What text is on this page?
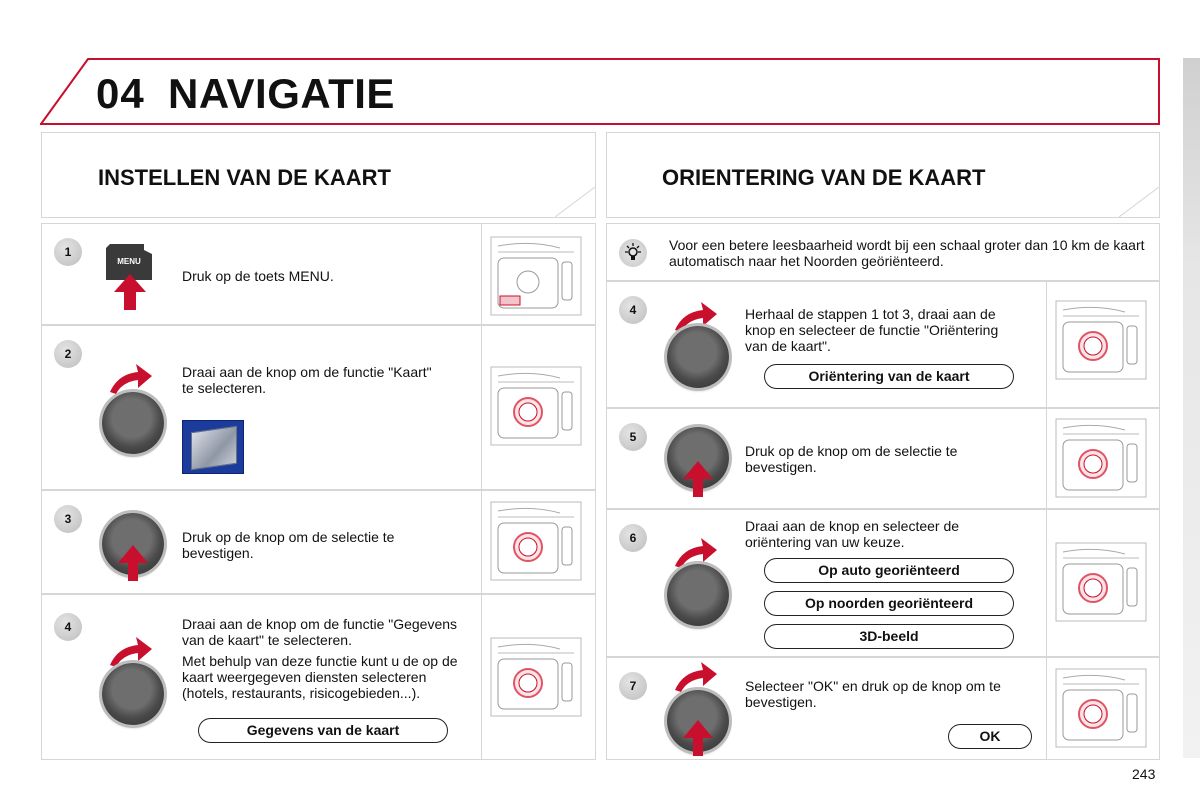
04 NAVIGATIE
INSTELLEN VAN DE KAART	ORIENTERING VAN DE KAART
1
MENU
Druk op de toets MENU.
2
Draai aan de knop om de functie "Kaart" te selecteren.
3
Druk op de knop om de selectie te bevestigen.
4	Draai aan de knop om de functie "Gegevens van de kaart" te selecteren.
Met behulp van deze functie kunt u de op de kaart weergegeven diensten selecteren (hotels, restaurants, risicogebieden...).
Gegevens van de kaart
Voor een betere leesbaarheid wordt bij een schaal groter dan 10 km de kaart automatisch naar het Noorden geöriënteerd.
4	Herhaal de stappen 1 tot 3, draai aan de knop en selecteer de functie "Oriëntering van de kaart".
Oriëntering van de kaart
5
Druk op de knop om de selectie te bevestigen.
6
Draai aan de knop en selecteer de oriëntering van uw keuze.
Op auto georiënteerd
Op noorden georiënteerd
3D-beeld
7	Selecteer "OK" en druk op de knop om te bevestigen.
OK
243
